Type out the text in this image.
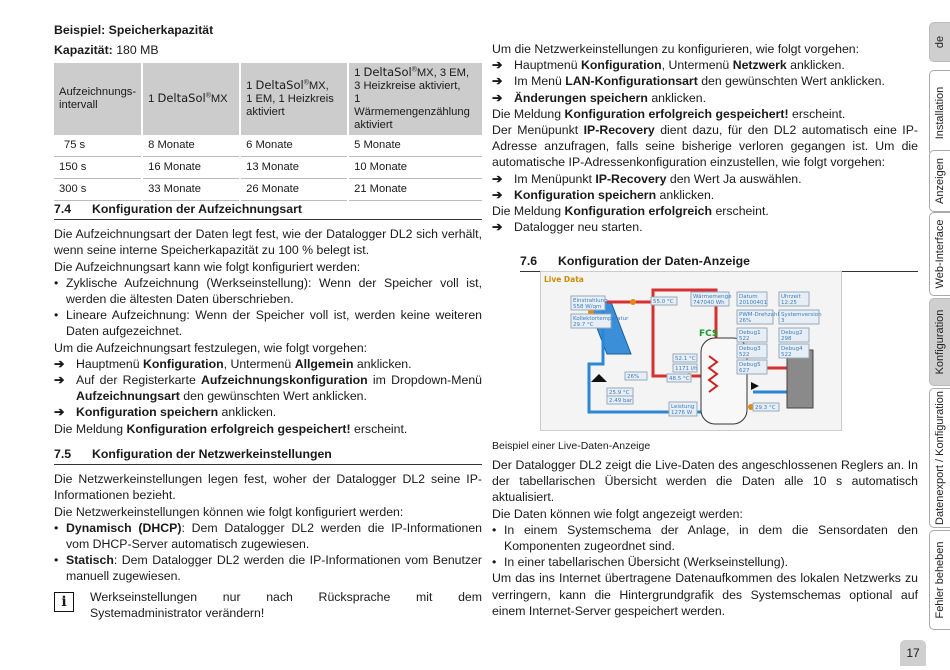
Beispiel: Speicherkapazität

Kapazität: 180 MB

Aufzeichnungs-intervall	1 DeltaSol®MX	1 DeltaSol®MX,
1 EM, 1 Heizkreis
aktiviert	1 DeltaSol®MX, 3 EM,
3 Heizkreise aktiviert,
1 Wärmemengenzählung
aktiviert
75 s	8 Monate	6 Monate	5 Monate
150 s	16 Monate	13 Monate	10 Monate
300 s	33 Monate	26 Monate	21 Monate
7.4 Konfiguration der Aufzeichnungsart

Die Aufzeichnungsart der Daten legt fest, wie der Datalogger DL2 sich verhält, wenn seine interne Speicherkapazität zu 100 % belegt ist.

Die Aufzeichnungsart kann wie folgt konfiguriert werden:

• Zyklische Aufzeichnung (Werkseinstellung): Wenn der Speicher voll ist, werden die ältesten Daten überschrieben.

• Lineare Aufzeichnung: Wenn der Speicher voll ist, werden keine weiteren Daten aufgezeichnet.

Um die Aufzeichnungsart festzulegen, wie folgt vorgehen:

➔ Hauptmenü Konfiguration, Untermenü Allgemein anklicken.

➔ Auf der Registerkarte Aufzeichnungskonfiguration im Dropdown-Menü Aufzeichnungsart den gewünschten Wert anklicken.

➔ Konfiguration speichern anklicken.

Die Meldung Konfiguration erfolgreich gespeichert! erscheint.

7.5 Konfiguration der Netzwerkeinstellungen

Die Netzwerkeinstellungen legen fest, woher der Datalogger DL2 seine IP-Informationen bezieht.

Die Netzwerkeinstellungen können wie folgt konfiguriert werden:

• Dynamisch (DHCP): Dem Datalogger DL2 werden die IP-Informationen vom DHCP-Server automatisch zugewiesen.

• Statisch: Dem Datalogger DL2 werden die IP-Informationen vom Benutzer manuell zugewiesen.

i	Werkseinstellungen nur nach Rücksprache mit dem Systemadministrator verändern!

Um die Netzwerkeinstellungen zu konfigurieren, wie folgt vorgehen:

➔ Hauptmenü Konfiguration, Untermenü Netzwerk anklicken.

➔ Im Menü LAN-Konfigurationsart den gewünschten Wert anklicken.

➔ Änderungen speichern anklicken.

Die Meldung Konfiguration erfolgreich gespeichert! erscheint.

Der Menüpunkt IP-Recovery dient dazu, für den DL2 automatisch eine IP-Adresse anzufragen, falls seine bisherige verloren gegangen ist. Um die automatische IP-Adressenkonfiguration einzustellen, wie folgt vorgehen:

➔ Im Menüpunkt IP-Recovery den Wert Ja auswählen.

➔ Konfiguration speichern anklicken.

Die Meldung Konfiguration erfolgreich erscheint.

➔ Datalogger neu starten.

7.6 Konfiguration der Daten-Anzeige

Beispiel einer Live-Daten-Anzeige

Der Datalogger DL2 zeigt die Live-Daten des angeschlossenen Reglers an. In der tabellarischen Übersicht werden die Daten alle 10 s automatisch aktualisiert.

Die Daten können wie folgt angezeigt werden:

• In einem Systemschema der Anlage, in dem die Sensordaten den Komponenten zugeordnet sind.

• In einer tabellarischen Übersicht (Werkseinstellung).

Um das ins Internet übertragene Datenaufkommen des lokalen Netzwerks zu verringern, kann die Hintergrundgrafik des Systemschemas optional auf einem Internet-Server gespeichert werden.

Live Data
Einstrahlung
558 W/qm
Kollektortemperatur
29.7 °C
55.0 °C
Wärmemenge
747040 Wh
Datum
20100401
Uhrzeit
12:25
PWM-Drehzahl
26%
Systemversion
3
Debug1
522
Debug2
298
Debug3
522
Debug4
522
Debug5
627
52.1 °C
1171 l/h
48.5 °C
26%
25.9 °C
2.49 bar
Leistung
1276 W
29.3 °C
FCS
de
Installation
Anzeigen
Web-Interface
Konfiguration
Datenexport / Konfiguration
Fehler beheben
17
